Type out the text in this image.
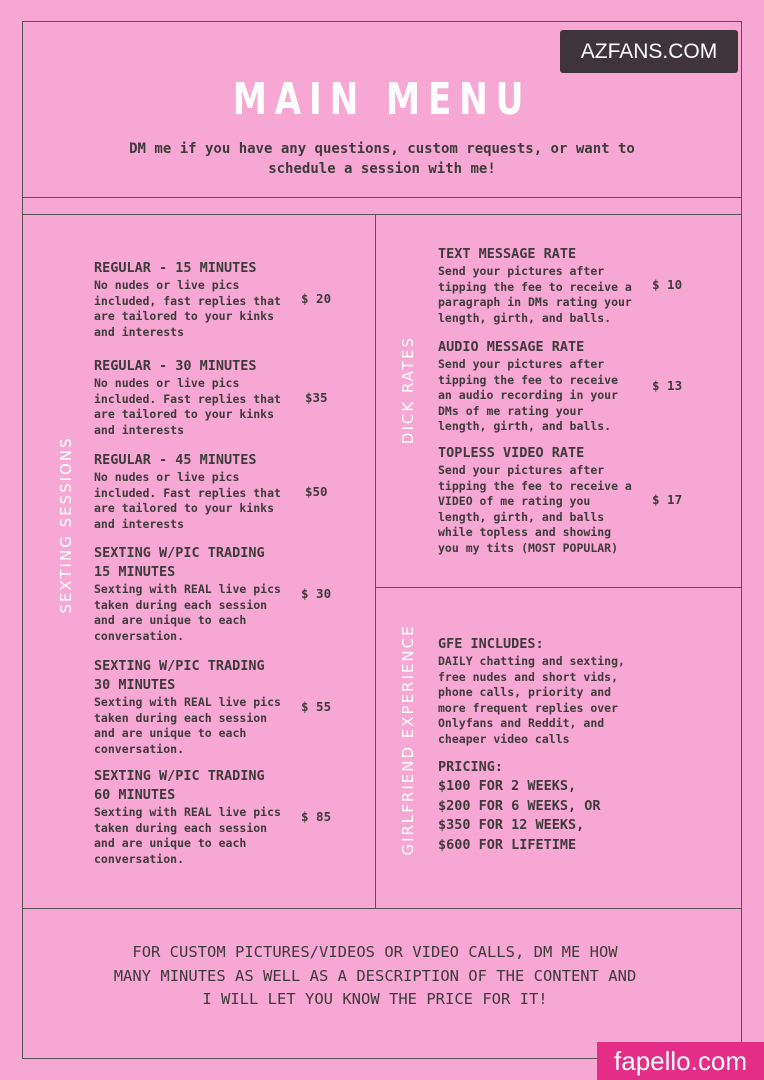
AZFANS.COM
MAIN MENU
DM me if you have any questions, custom requests, or want to schedule a session with me!
SEXTING SESSIONS
REGULAR - 15 MINUTES
No nudes or live pics included, fast replies that are tailored to your kinks and interests
$ 20
REGULAR - 30 MINUTES
No nudes or live pics included. Fast replies that are tailored to your kinks and interests
$35
REGULAR - 45 MINUTES
No nudes or live pics included. Fast replies that are tailored to your kinks and interests
$50
SEXTING W/PIC TRADING 15 MINUTES
Sexting with REAL live pics taken during each session and are unique to each conversation.
$ 30
SEXTING W/PIC TRADING 30 MINUTES
Sexting with REAL live pics taken during each session and are unique to each conversation.
$ 55
SEXTING W/PIC TRADING 60 MINUTES
Sexting with REAL live pics taken during each session and are unique to each conversation.
$ 85
DICK RATES
TEXT MESSAGE RATE
Send your pictures after tipping the fee to receive a paragraph in DMs rating your length, girth, and balls.
$ 10
AUDIO MESSAGE RATE
Send your pictures after tipping the fee to receive an audio recording in your DMs of me rating your length, girth, and balls.
$ 13
TOPLESS VIDEO RATE
Send your pictures after tipping the fee to receive a VIDEO of me rating you length, girth, and balls while topless and showing you my tits (MOST POPULAR)
$ 17
GIRLFRIEND EXPERIENCE GFE INCLUDES:
DAILY chatting and sexting, free nudes and short vids, phone calls, priority and more frequent replies over Onlyfans and Reddit, and cheaper video calls
PRICING:
$100 FOR 2 WEEKS,
$200 FOR 6 WEEKS, OR
$350 FOR 12 WEEKS,
$600 FOR LIFETIME
FOR CUSTOM PICTURES/VIDEOS OR VIDEO CALLS, DM ME HOW MANY MINUTES AS WELL AS A DESCRIPTION OF THE CONTENT AND I WILL LET YOU KNOW THE PRICE FOR IT!
fapello.com
